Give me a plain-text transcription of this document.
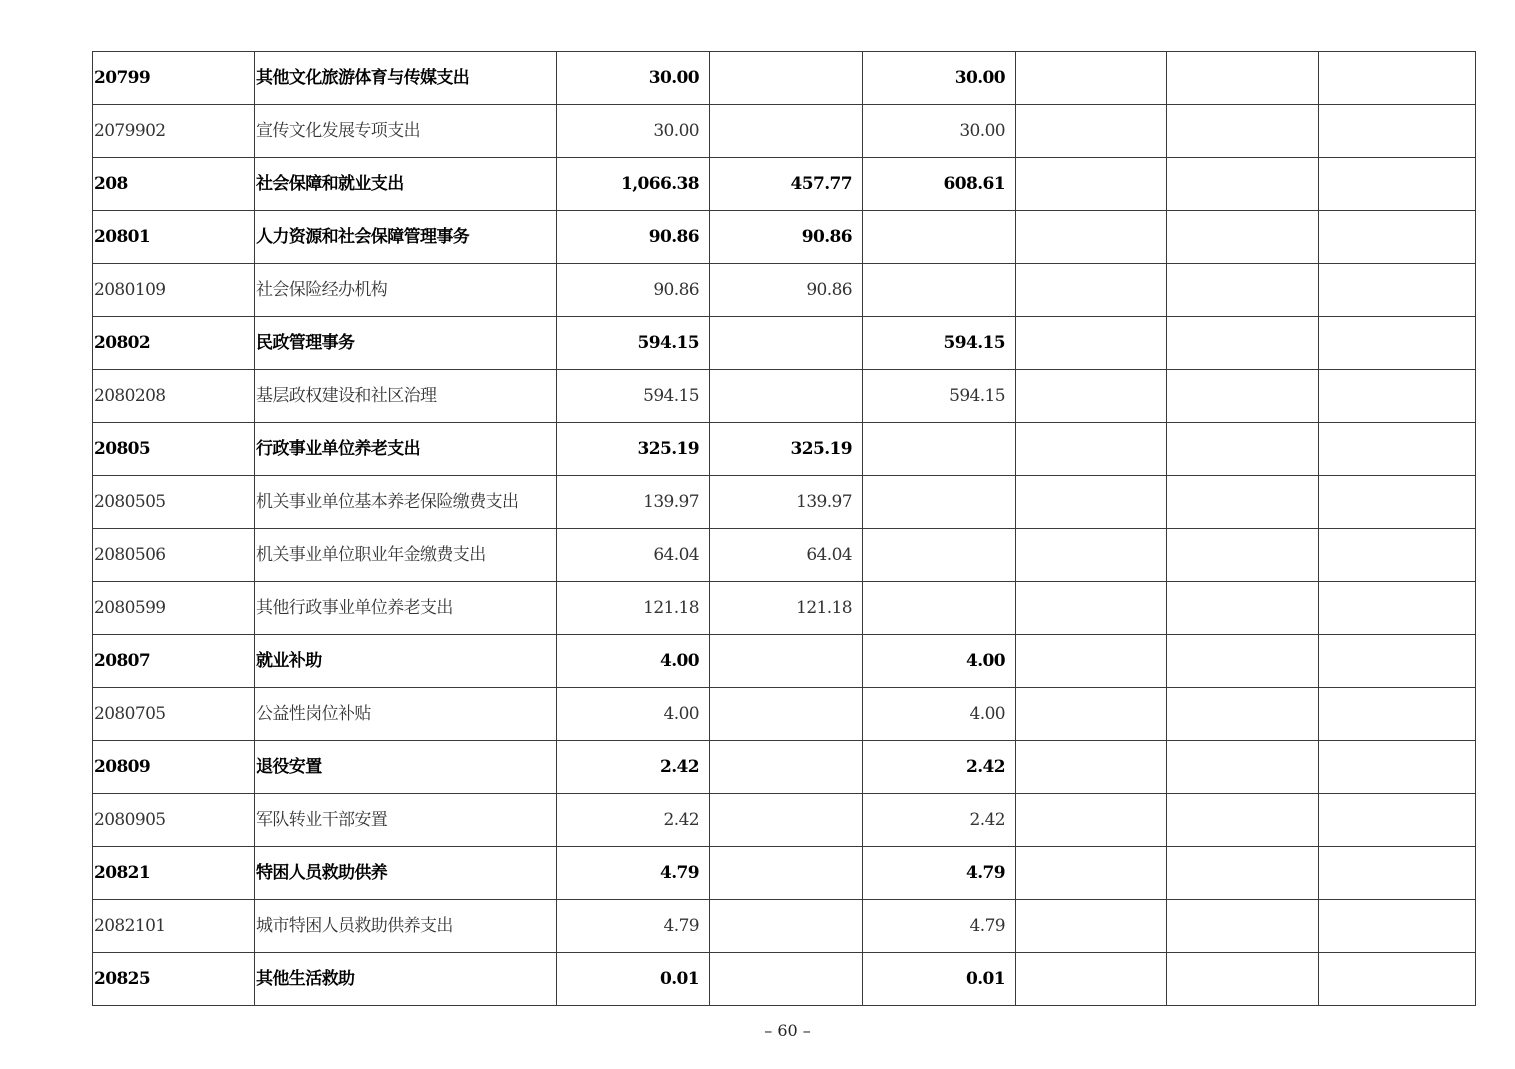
20799	其他文化旅游体育与传媒支出	30.00		30.00			
2079902	宣传文化发展专项支出	30.00		30.00			
208	社会保障和就业支出	1,066.38	457.77	608.61			
20801	人力资源和社会保障管理事务	90.86	90.86				
2080109	社会保险经办机构	90.86	90.86				
20802	民政管理事务	594.15		594.15			
2080208	基层政权建设和社区治理	594.15		594.15			
20805	行政事业单位养老支出	325.19	325.19				
2080505	机关事业单位基本养老保险缴费支出	139.97	139.97				
2080506	机关事业单位职业年金缴费支出	64.04	64.04				
2080599	其他行政事业单位养老支出	121.18	121.18				
20807	就业补助	4.00		4.00			
2080705	公益性岗位补贴	4.00		4.00			
20809	退役安置	2.42		2.42			
2080905	军队转业干部安置	2.42		2.42			
20821	特困人员救助供养	4.79		4.79			
2082101	城市特困人员救助供养支出	4.79		4.79			
20825	其他生活救助	0.01		0.01			
– 60 –
